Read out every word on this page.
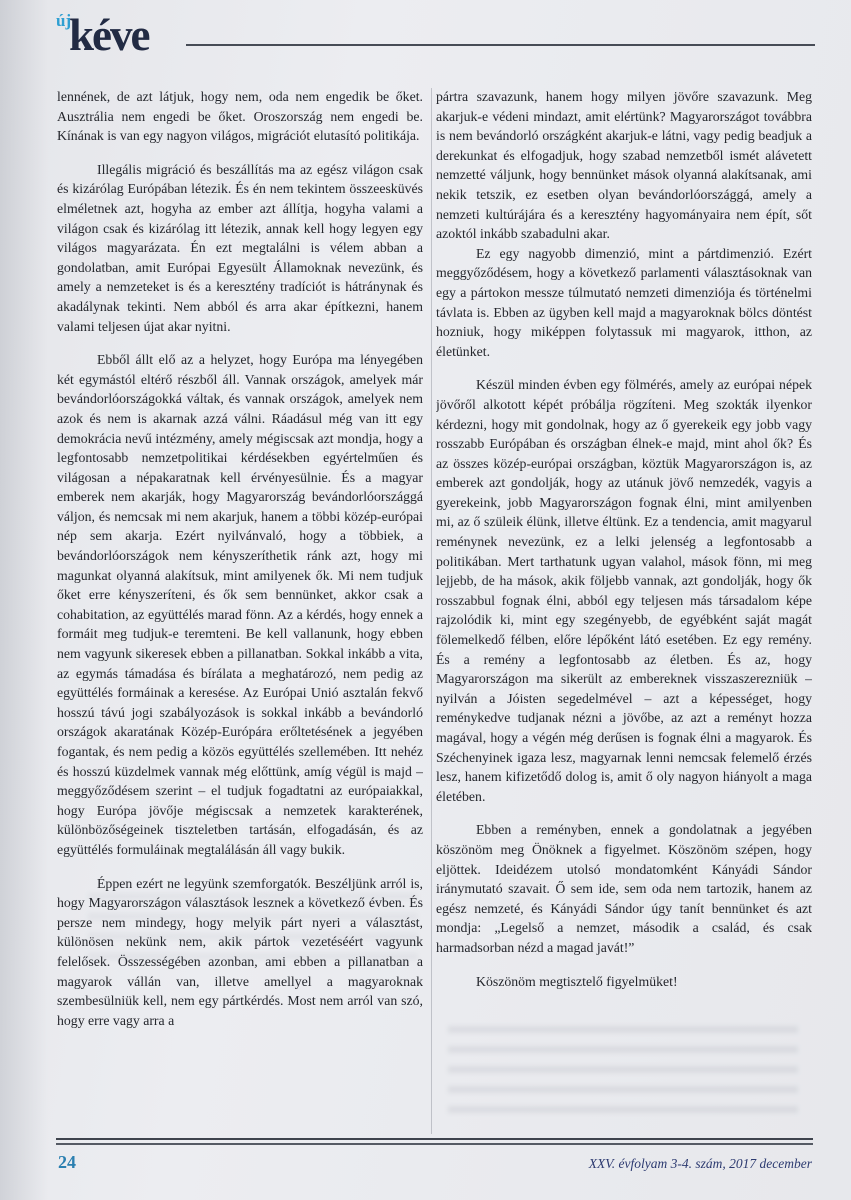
új
kéve

lennének, de azt látjuk, hogy nem, oda nem engedik be őket. Ausztrália nem engedi be őket. Oroszország nem engedi be. Kínának is van egy nagyon világos, migrációt elutasító politikája.

Illegális migráció és beszállítás ma az egész világon csak és kizárólag Európában létezik. És én nem tekintem összeesküvés elméletnek azt, hogyha az ember azt állítja, hogyha valami a világon csak és kizárólag itt létezik, annak kell hogy legyen egy világos magyarázata. Én ezt megtalálni is vélem abban a gondolatban, amit Európai Egyesült Államoknak nevezünk, és amely a nemzeteket is és a keresztény tradíciót is hátránynak és akadálynak tekinti. Nem abból és arra akar építkezni, hanem valami teljesen újat akar nyitni.

Ebből állt elő az a helyzet, hogy Európa ma lényegében két egymástól eltérő részből áll. Vannak országok, amelyek már bevándorlóországokká váltak, és vannak országok, amelyek nem azok és nem is akarnak azzá válni. Ráadásul még van itt egy demokrácia nevű intézmény, amely mégiscsak azt mondja, hogy a legfontosabb nemzetpolitikai kérdésekben egyértelműen és világosan a népakaratnak kell érvényesülnie. És a magyar emberek nem akarják, hogy Magyarország bevándorlóországgá váljon, és nemcsak mi nem akarjuk, hanem a többi közép-európai nép sem akarja. Ezért nyilvánvaló, hogy a többiek, a bevándorlóországok nem kényszeríthetik ránk azt, hogy mi magunkat olyanná alakítsuk, mint amilyenek ők. Mi nem tudjuk őket erre kényszeríteni, és ők sem bennünket, akkor csak a cohabitation, az együttélés marad fönn. Az a kérdés, hogy ennek a formáit meg tudjuk-e teremteni. Be kell vallanunk, hogy ebben nem vagyunk sikeresek ebben a pillanatban. Sokkal inkább a vita, az egymás támadása és bírálata a meghatározó, nem pedig az együttélés formáinak a keresése. Az Európai Unió asztalán fekvő hosszú távú jogi szabályozások is sokkal inkább a bevándorló országok akaratának Közép-Európára erőltetésének a jegyében fogantak, és nem pedig a közös együttélés szellemében. Itt nehéz és hosszú küzdelmek vannak még előttünk, amíg végül is majd – meggyőződésem szerint – el tudjuk fogadtatni az európaiakkal, hogy Európa jövője mégiscsak a nemzetek karakterének, különbözőségeinek tiszteletben tartásán, elfogadásán, és az együttélés formuláinak megtalálásán áll vagy bukik.

Éppen ezért ne legyünk szemforgatók. Beszéljünk arról is, hogy Magyarországon választások lesznek a következő évben. És persze nem mindegy, hogy melyik párt nyeri a választást, különösen nekünk nem, akik pártok vezetéséért vagyunk felelősek. Összességében azonban, ami ebben a pillanatban a magyarok vállán van, illetve amellyel a magyaroknak szembesülniük kell, nem egy pártkérdés. Most nem arról van szó, hogy erre vagy arra a

pártra szavazunk, hanem hogy milyen jövőre szavazunk. Meg akarjuk-e védeni mindazt, amit elértünk? Magyarországot továbbra is nem bevándorló országként akarjuk-e látni, vagy pedig beadjuk a derekunkat és elfogadjuk, hogy szabad nemzetből ismét alávetett nemzetté váljunk, hogy bennünket mások olyanná alakítsanak, ami nekik tetszik, ez esetben olyan bevándorlóországgá, amely a nemzeti kultúrájára és a keresztény hagyományaira nem épít, sőt azoktól inkább szabadulni akar.

Ez egy nagyobb dimenzió, mint a pártdimenzió. Ezért meggyőződésem, hogy a következő parlamenti választásoknak van egy a pártokon messze túlmutató nemzeti dimenziója és történelmi távlata is. Ebben az ügyben kell majd a magyaroknak bölcs döntést hozniuk, hogy miképpen folytassuk mi magyarok, itthon, az életünket.

Készül minden évben egy fölmérés, amely az európai népek jövőről alkotott képét próbálja rögzíteni. Meg szokták ilyenkor kérdezni, hogy mit gondolnak, hogy az ő gyerekeik egy jobb vagy rosszabb Európában és országban élnek-e majd, mint ahol ők? És az összes közép-európai országban, köztük Magyarországon is, az emberek azt gondolják, hogy az utánuk jövő nemzedék, vagyis a gyerekeink, jobb Magyarországon fognak élni, mint amilyenben mi, az ő szüleik élünk, illetve éltünk. Ez a tendencia, amit magyarul reménynek nevezünk, ez a lelki jelenség a legfontosabb a politikában. Mert tarthatunk ugyan valahol, mások fönn, mi meg lejjebb, de ha mások, akik följebb vannak, azt gondolják, hogy ők rosszabbul fognak élni, abból egy teljesen más társadalom képe rajzolódik ki, mint egy szegényebb, de egyébként saját magát fölemelkedő félben, előre lépőként látó esetében. Ez egy remény. És a remény a legfontosabb az életben. És az, hogy Magyarországon ma sikerült az embereknek visszaszerezniük – nyilván a Jóisten segedelmével – azt a képességet, hogy reménykedve tudjanak nézni a jövőbe, az azt a reményt hozza magával, hogy a végén még derűsen is fognak élni a magyarok. És Széchenyinek igaza lesz, magyarnak lenni nemcsak felemelő érzés lesz, hanem kifizetődő dolog is, amit ő oly nagyon hiányolt a maga életében.

Ebben a reményben, ennek a gondolatnak a jegyében köszönöm meg Önöknek a figyelmet. Köszönöm szépen, hogy eljöttek. Ideidézem utolsó mondatomként Kányádi Sándor iránymutató szavait. Ő sem ide, sem oda nem tartozik, hanem az egész nemzeté, és Kányádi Sándor úgy tanít bennünket és azt mondja: „Legelső a nemzet, második a család, és csak harmadsorban nézd a magad javát!”

Köszönöm megtisztelő figyelmüket!

24	XXV. évfolyam 3-4. szám, 2017 december
